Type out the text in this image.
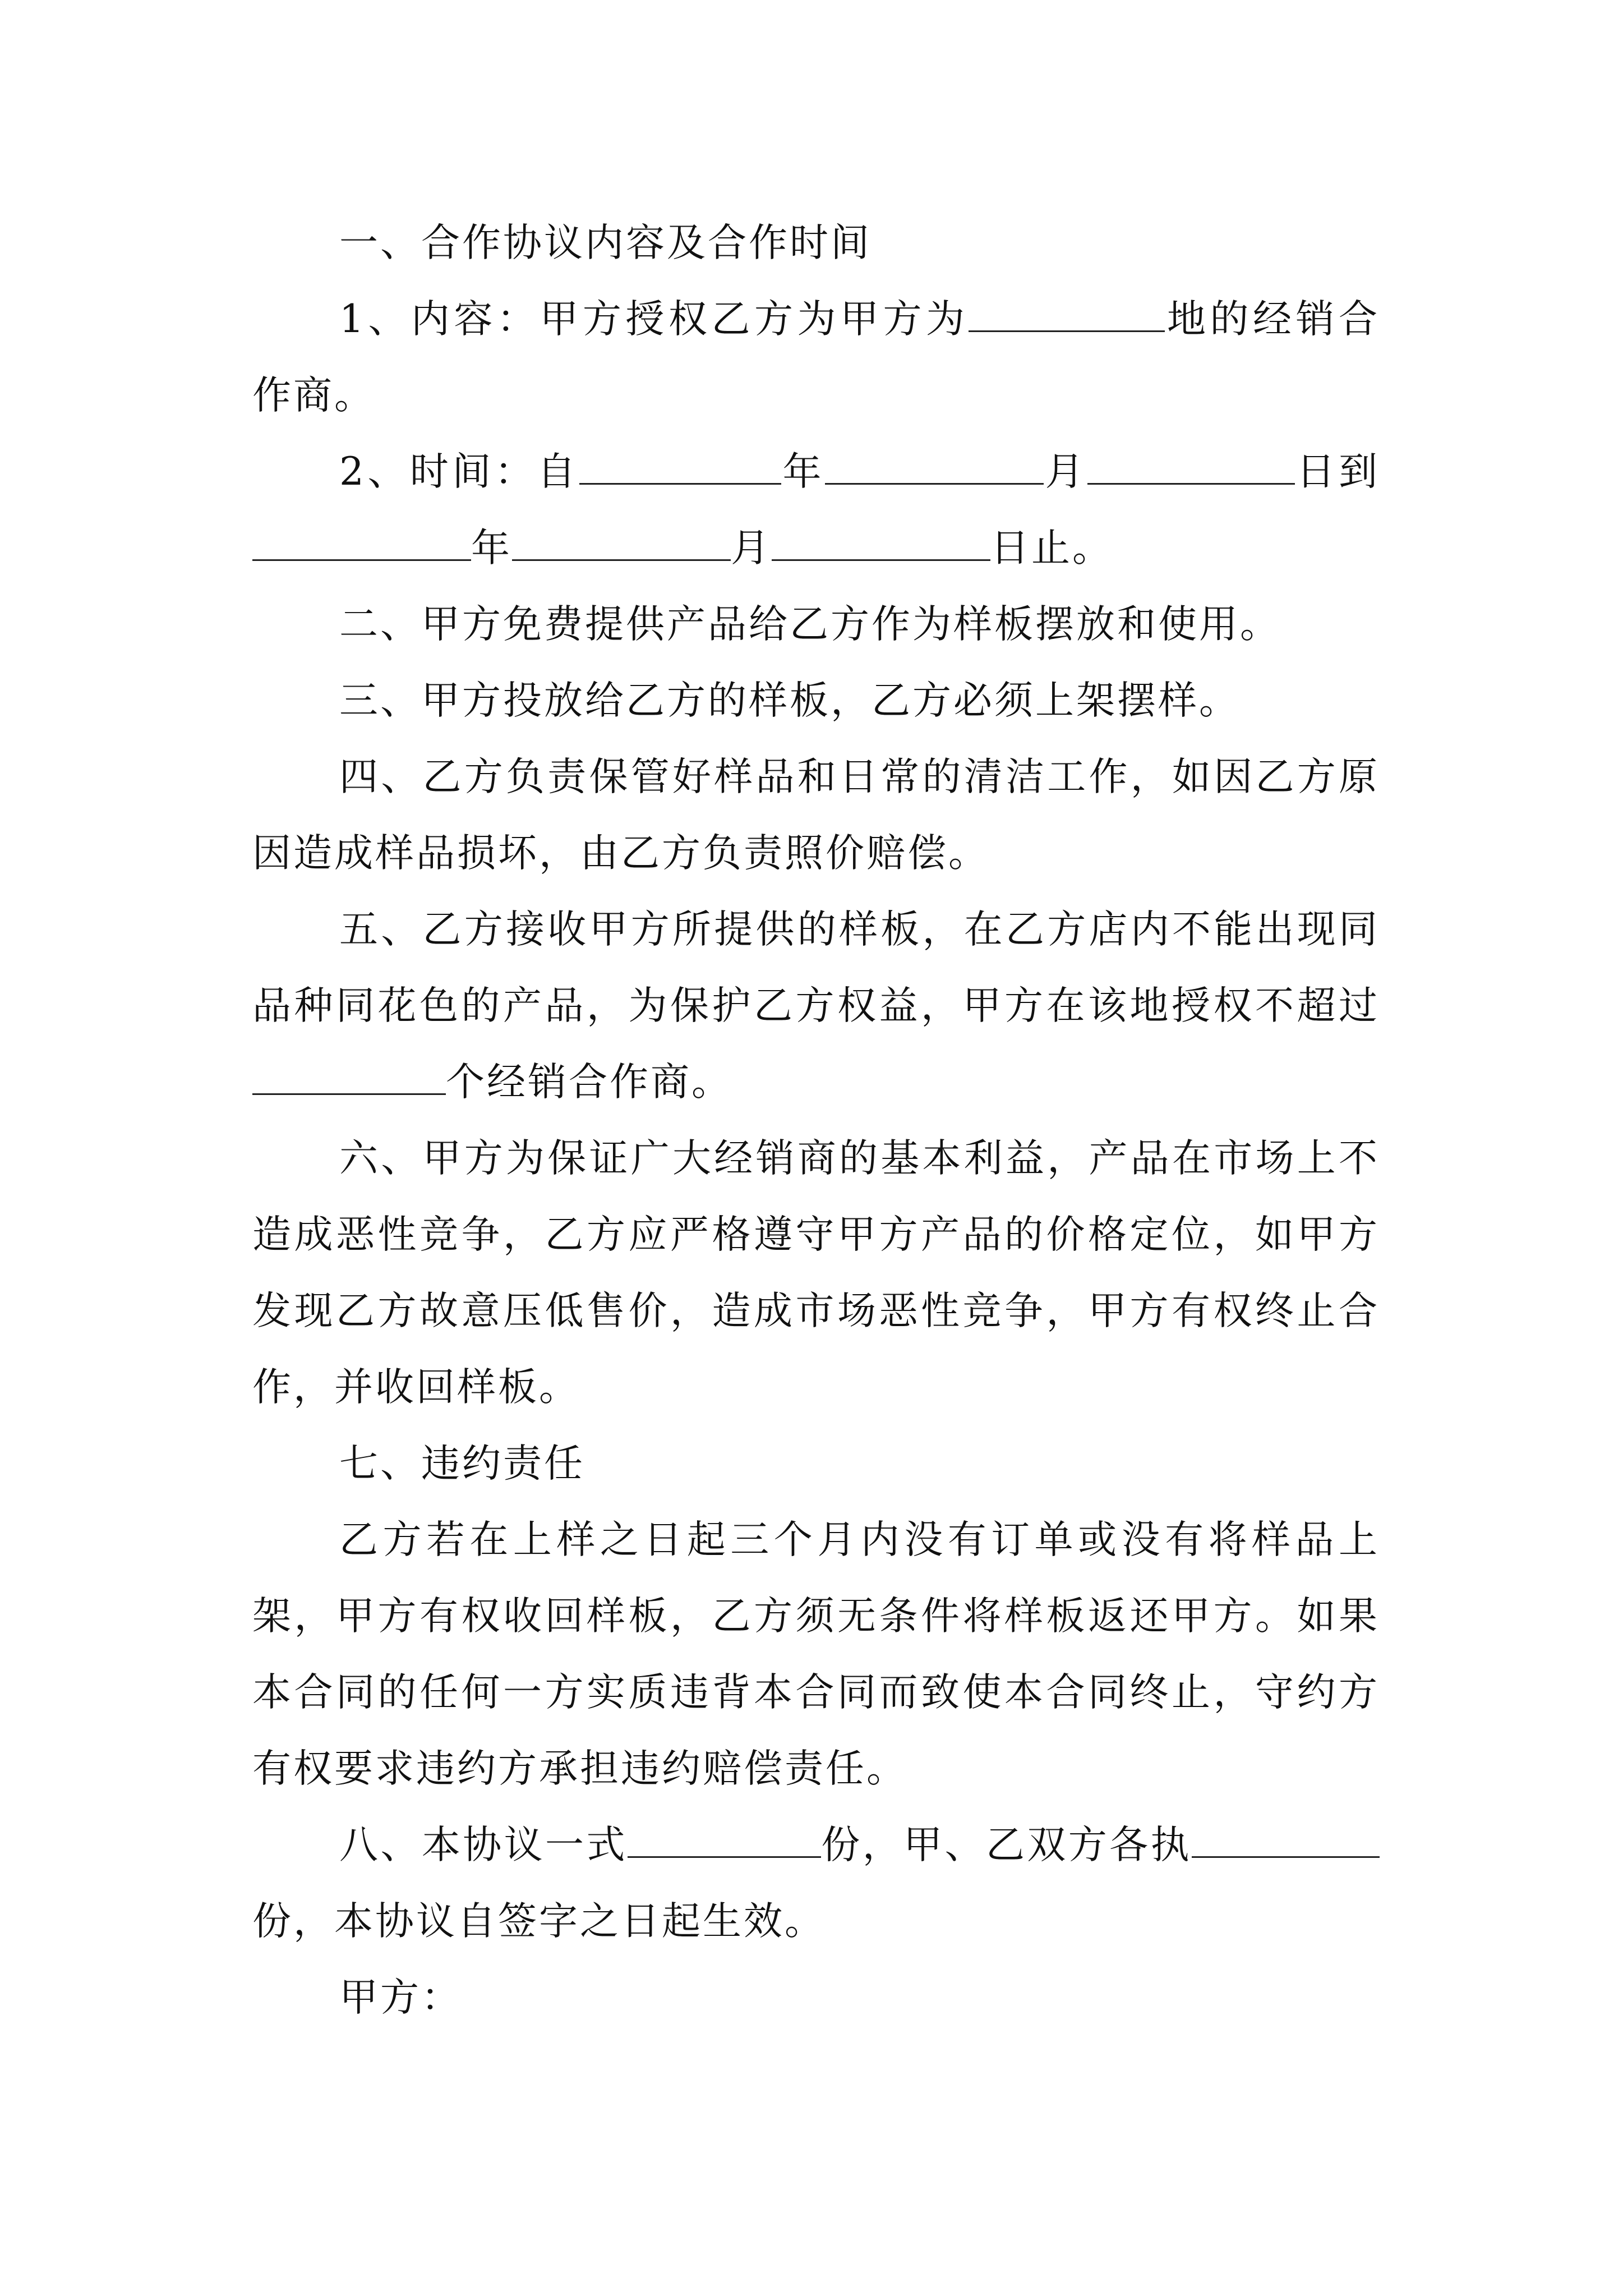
一、合作协议内容及合作时间

1、内容：甲方授权乙方为甲方为	地的经销合作商。

2、时间：自	年	月	日到年	月	日止。

二、甲方免费提供产品给乙方作为样板摆放和使用。

三、甲方投放给乙方的样板，乙方必须上架摆样。

四、乙方负责保管好样品和日常的清洁工作，如因乙方原因造成样品损坏，由乙方负责照价赔偿。

五、乙方接收甲方所提供的样板，在乙方店内不能出现同品种同花色的产品，为保护乙方权益，甲方在该地授权不超过个经销合作商。

六、甲方为保证广大经销商的基本利益，产品在市场上不造成恶性竞争，乙方应严格遵守甲方产品的价格定位，如甲方发现乙方故意压低售价，造成市场恶性竞争，甲方有权终止合作，并收回样板。

七、违约责任

乙方若在上样之日起三个月内没有订单或没有将样品上架，甲方有权收回样板，乙方须无条件将样板返还甲方。如果本合同的任何一方实质违背本合同而致使本合同终止，守约方有权要求违约方承担违约赔偿责任。

八、本协议一式	份，甲、乙双方各执份，本协议自签字之日起生效。

甲方：
